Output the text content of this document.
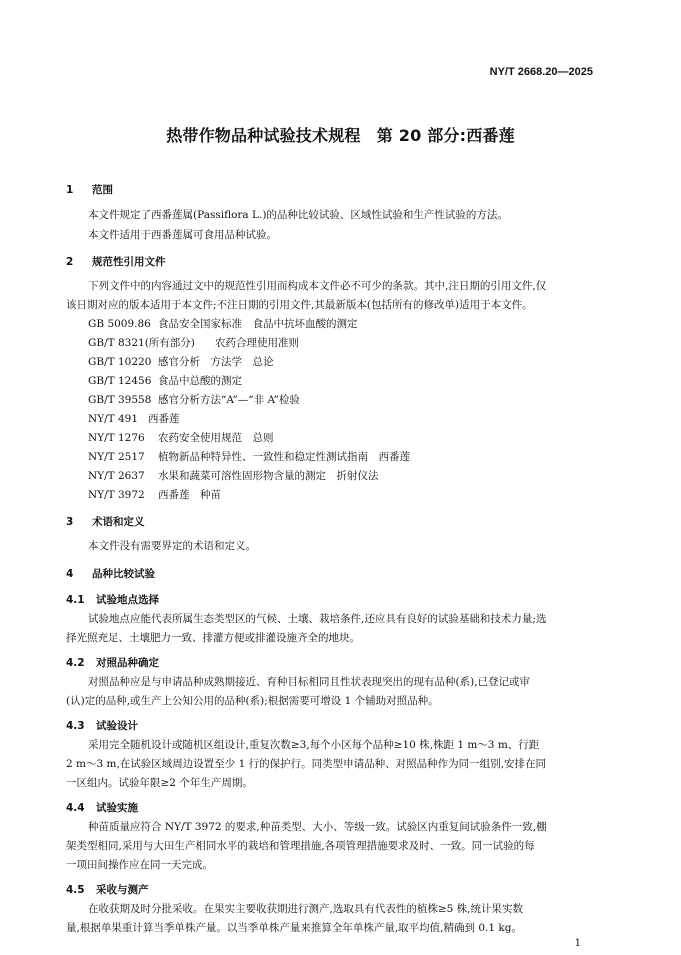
NY/T 2668.20—2025
热带作物品种试验技术规程　第 20 部分:西番莲
1 范围
本文件规定了西番莲属(Passiflora L.)的品种比较试验、区域性试验和生产性试验的方法。
本文件适用于西番莲属可食用品种试验。
2 规范性引用文件
下列文件中的内容通过文中的规范性引用而构成本文件必不可少的条款。其中,注日期的引用文件,仅
该日期对应的版本适用于本文件;不注日期的引用文件,其最新版本(包括所有的修改单)适用于本文件。
GB 5009.86 食品安全国家标准　食品中抗坏血酸的测定
GB/T 8321(所有部分) 农药合理使用准则
GB/T 10220 感官分析　方法学　总论
GB/T 12456 食品中总酸的测定
GB/T 39558 感官分析方法“A”—“非 A”检验
NY/T 491 西番莲
NY/T 1276 农药安全使用规范　总则
NY/T 2517 植物新品种特异性、一致性和稳定性测试指南　西番莲
NY/T 2637 水果和蔬菜可溶性固形物含量的测定　折射仪法
NY/T 3972 西番莲　种苗
3 术语和定义
本文件没有需要界定的术语和定义。
4 品种比较试验
4.1 试验地点选择
试验地点应能代表所属生态类型区的气候、土壤、栽培条件,还应具有良好的试验基础和技术力量;选
择光照充足、土壤肥力一致、排灌方便或排灌设施齐全的地块。
4.2 对照品种确定
对照品种应是与申请品种成熟期接近、育种目标相同且性状表现突出的现有品种(系),已登记或审
(认)定的品种,或生产上公知公用的品种(系);根据需要可增设 1 个辅助对照品种。
4.3 试验设计
采用完全随机设计或随机区组设计,重复次数≥3,每个小区每个品种≥10 株,株距 1 m～3 m、行距
2 m～3 m,在试验区域周边设置至少 1 行的保护行。同类型申请品种、对照品种作为同一组别,安排在同
一区组内。试验年限≥2 个年生产周期。
4.4 试验实施
种苗质量应符合 NY/T 3972 的要求,种苗类型、大小、等级一致。试验区内重复间试验条件一致,棚
架类型相同,采用与大田生产相同水平的栽培和管理措施,各项管理措施要求及时、一致。同一试验的每
一项田间操作应在同一天完成。
4.5 采收与测产
在收获期及时分批采收。在果实主要收获期进行测产,选取具有代表性的植株≥5 株,统计果实数
量,根据单果重计算当季单株产量。以当季单株产量来推算全年单株产量,取平均值,精确到 0.1 kg。
1
